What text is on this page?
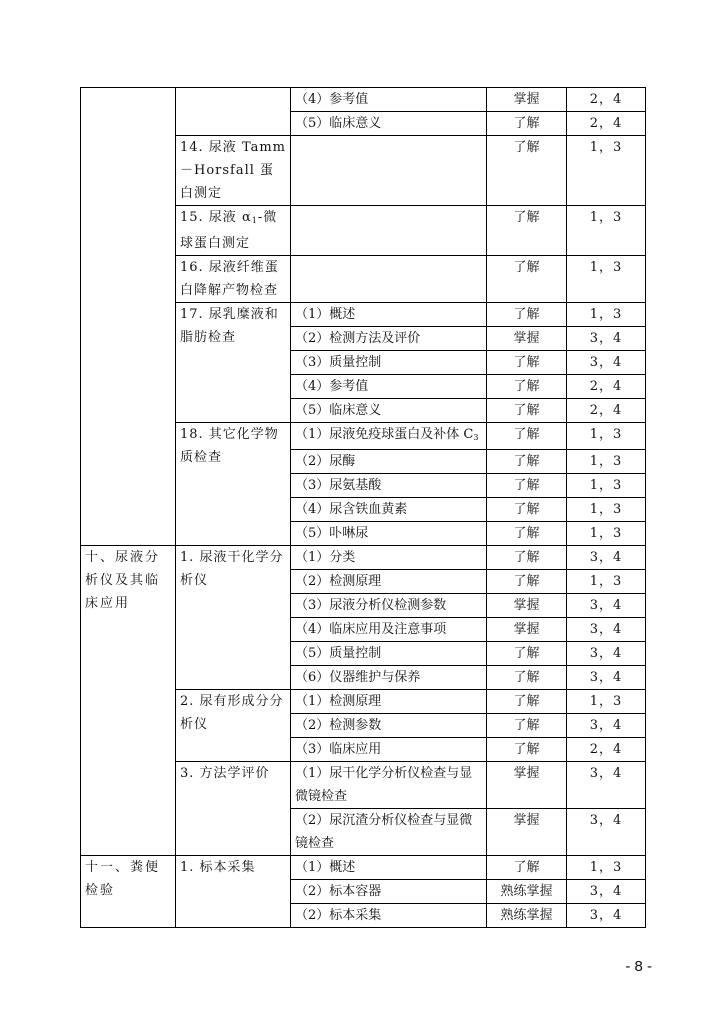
		（4）参考值	掌握	2，4
		（5）临床意义	了解	2，4
	14. 尿液 Tamm－Horsfall 蛋白测定		了解	1，3
	15. 尿液 $\alpha_1-$微球蛋白测定		了解	1，3
	16. 尿液纤维蛋白降解产物检查		了解	1，3
	17. 尿乳糜液和脂肪检查	（1）概述	了解	1，3
		（2）检测方法及评价	掌握	3，4
		（3）质量控制	了解	3，4
		（4）参考值	了解	2，4
		（5）临床意义	了解	2，4
	18. 其它化学物质检查	（1）尿液免疫球蛋白及补体 $C_3$	了解	1，3
		（2）尿酶	了解	1，3
		（3）尿氨基酸	了解	1，3
		（4）尿含铁血黄素	了解	1，3
		（5）卟啉尿	了解	1，3
十、尿液分析仪及其临床应用	1. 尿液干化学分析仪	（1）分类	了解	3，4
		（2）检测原理	了解	1，3
		（3）尿液分析仪检测参数	掌握	3，4
		（4）临床应用及注意事项	掌握	3，4
		（5）质量控制	了解	3，4
		（6）仪器维护与保养	了解	3，4
	2. 尿有形成分分析仪	（1）检测原理	了解	1，3
		（2）检测参数	了解	3，4
		（3）临床应用	了解	2，4
	3. 方法学评价	（1）尿干化学分析仪检查与显微镜检查	掌握	3，4
		（2）尿沉渣分析仪检查与显微镜检查	掌握	3，4
十一、粪便检验	1. 标本采集	（1）概述	了解	1，3
		（2）标本容器	熟练掌握	3，4
		（2）标本采集	熟练掌握	3，4
- 8 -
